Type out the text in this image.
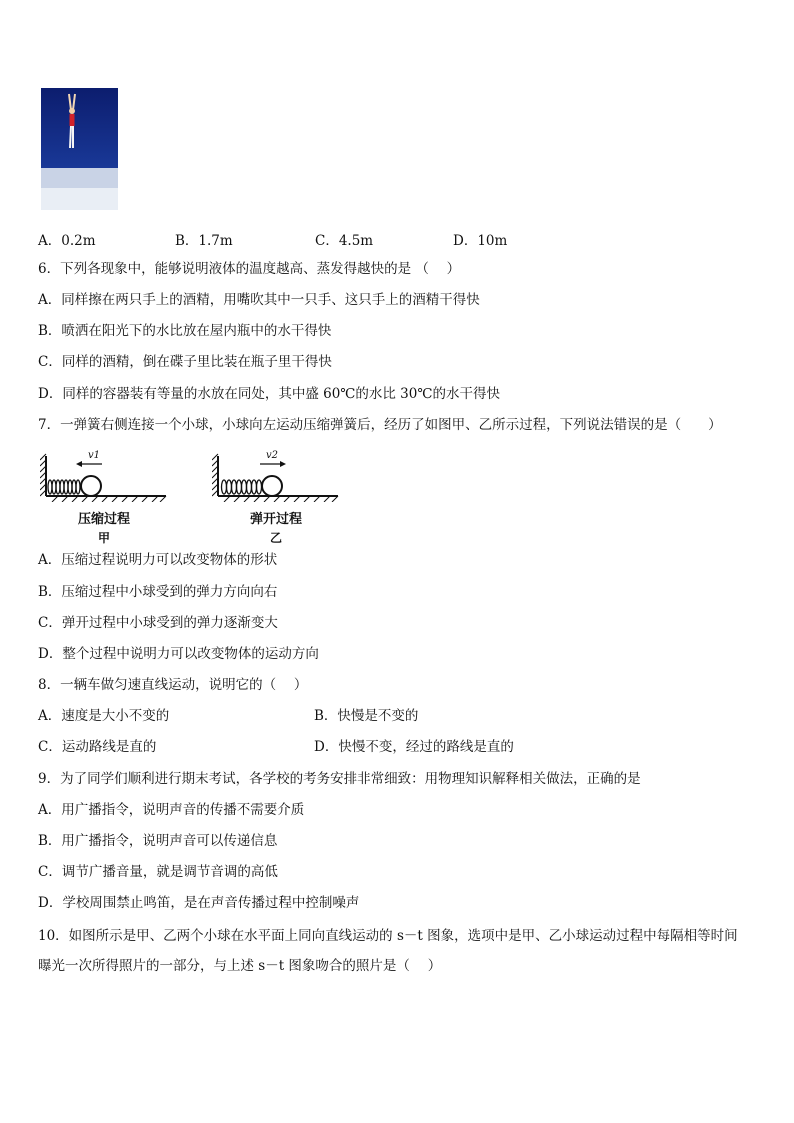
A．0.2m	B．1.7m	C．4.5m	D．10m
6．下列各现象中，能够说明液体的温度越高、蒸发得越快的是 （　 ）
A．同样擦在两只手上的酒精，用嘴吹其中一只手、这只手上的酒精干得快
B．喷洒在阳光下的水比放在屋内瓶中的水干得快
C．同样的酒精，倒在碟子里比装在瓶子里干得快
D．同样的容器装有等量的水放在同处，其中盛 60℃的水比 30℃的水干得快
7．一弹簧右侧连接一个小球，小球向左运动压缩弹簧后，经历了如图甲、乙所示过程，下列说法错误的是（　　）
v1
压缩过程
甲
v2
弹开过程
乙
A．压缩过程说明力可以改变物体的形状
B．压缩过程中小球受到的弹力方向向右
C．弹开过程中小球受到的弹力逐渐变大
D．整个过程中说明力可以改变物体的运动方向
8．一辆车做匀速直线运动，说明它的（　 ）
A．速度是大小不变的	B．快慢是不变的
C．运动路线是直的	D．快慢不变，经过的路线是直的
9．为了同学们顺利进行期末考试，各学校的考务安排非常细致：用物理知识解释相关做法，正确的是
A．用广播指令，说明声音的传播不需要介质
B．用广播指令，说明声音可以传递信息
C．调节广播音量，就是调节音调的高低
D．学校周围禁止鸣笛，是在声音传播过程中控制噪声
10．如图所示是甲、乙两个小球在水平面上同向直线运动的 s－t 图象，选项中是甲、乙小球运动过程中每隔相等时间
曝光一次所得照片的一部分，与上述 s－t 图象吻合的照片是（　 ）
